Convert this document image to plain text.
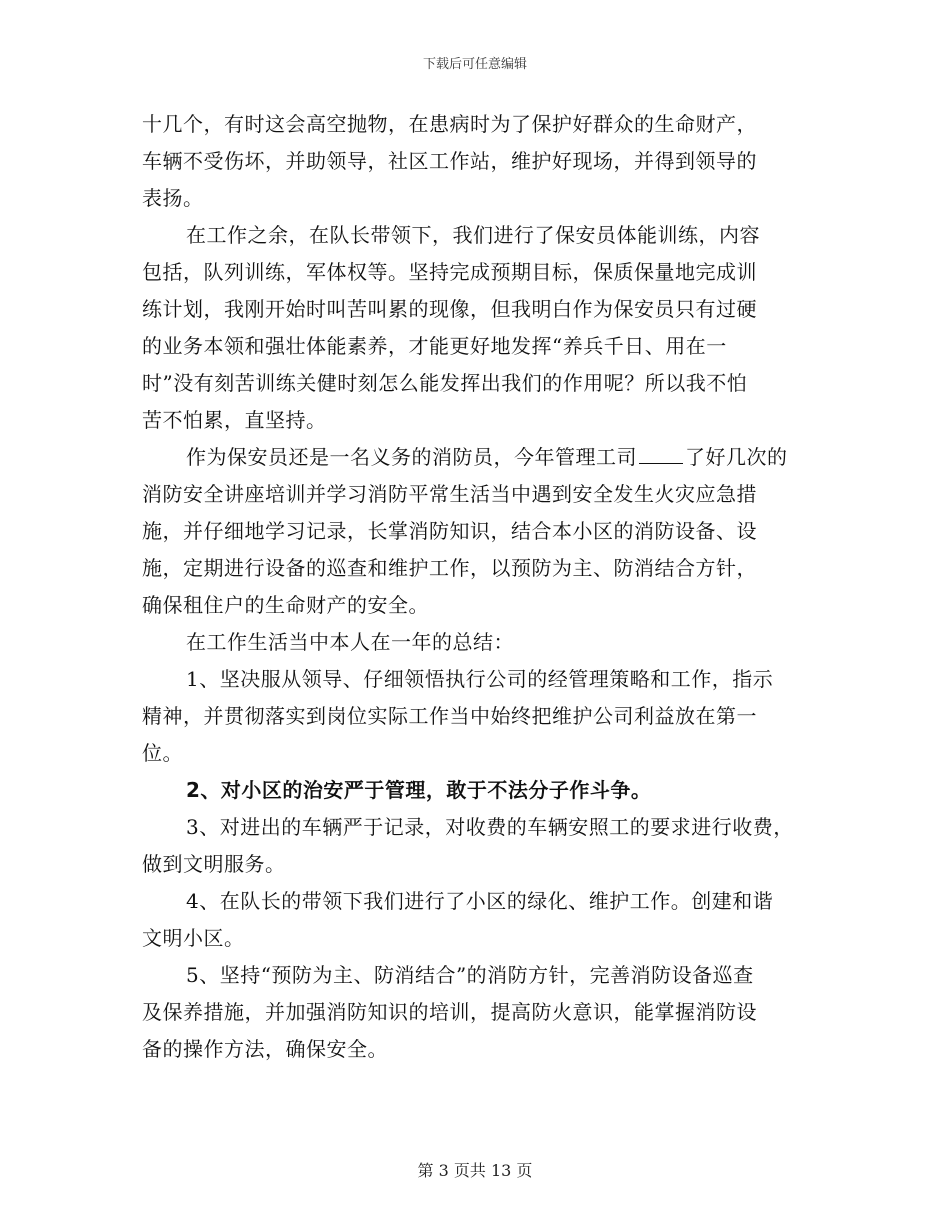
下载后可任意编辑
十几个，有时这会高空抛物，在患病时为了保护好群众的生命财产，
车辆不受伤坏，并助领导，社区工作站，维护好现场，并得到领导的
表扬。
在工作之余，在队长带领下，我们进行了保安员体能训练，内容
包括，队列训练，军体权等。坚持完成预期目标，保质保量地完成训
练计划，我刚开始时叫苦叫累的现像，但我明白作为保安员只有过硬
的业务本领和强壮体能素养，才能更好地发挥“养兵千日、用在一
时”没有刻苦训练关健时刻怎么能发挥出我们的作用呢？所以我不怕
苦不怕累，直坚持。
作为保安员还是一名义务的消防员，今年管理工司 了好几次的
消防安全讲座培训并学习消防平常生活当中遇到安全发生火灾应急措
施，并仔细地学习记录，长掌消防知识，结合本小区的消防设备、设
施，定期进行设备的巡查和维护工作，以预防为主、防消结合方针，
确保租住户的生命财产的安全。
在工作生活当中本人在一年的总结：
1、坚决服从领导、仔细领悟执行公司的经管理策略和工作，指示
精神，并贯彻落实到岗位实际工作当中始终把维护公司利益放在第一
位。
2、对小区的治安严于管理，敢于不法分子作斗争。
3、对进出的车辆严于记录，对收费的车辆安照工的要求进行收费，
做到文明服务。
4、在队长的带领下我们进行了小区的绿化、维护工作。创建和谐
文明小区。
5、坚持“预防为主、防消结合”的消防方针，完善消防设备巡查
及保养措施，并加强消防知识的培训，提高防火意识，能掌握消防设
备的操作方法，确保安全。
第 3 页共 13 页
